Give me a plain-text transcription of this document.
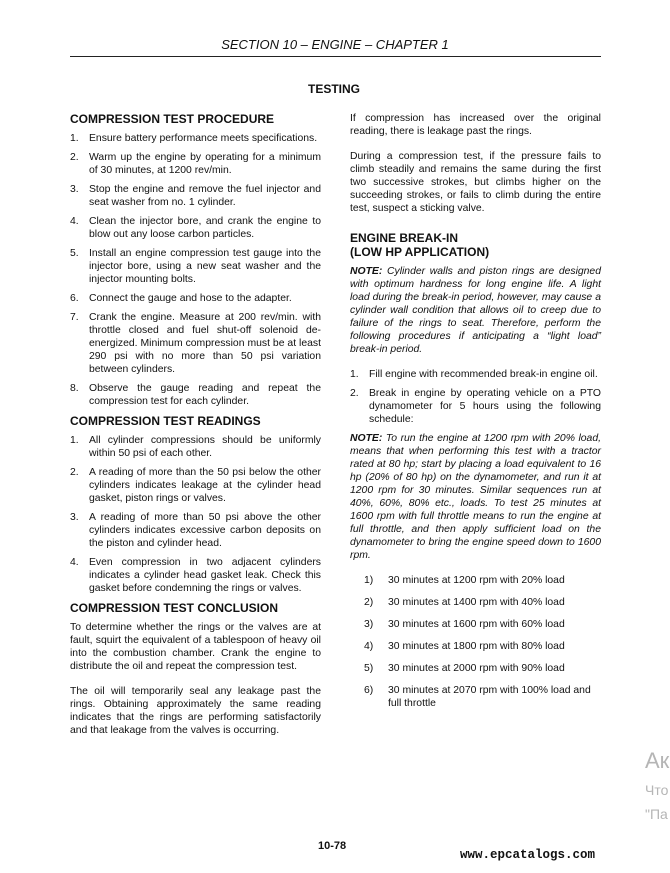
SECTION 10 – ENGINE – CHAPTER 1
TESTING
COMPRESSION TEST PROCEDURE
1. Ensure battery performance meets specifications.
2. Warm up the engine by operating for a minimum of 30 minutes, at 1200 rev/min.
3. Stop the engine and remove the fuel injector and seat washer from no. 1 cylinder.
4. Clean the injector bore, and crank the engine to blow out any loose carbon particles.
5. Install an engine compression test gauge into the injector bore, using a new seat washer and the injector mounting bolts.
6. Connect the gauge and hose to the adapter.
7. Crank the engine. Measure at 200 rev/min. with throttle closed and fuel shut-off solenoid de-energized. Minimum compression must be at least 290 psi with no more than 50 psi variation between cylinders.
8. Observe the gauge reading and repeat the compression test for each cylinder.
COMPRESSION TEST READINGS
1. All cylinder compressions should be uniformly within 50 psi of each other.
2. A reading of more than the 50 psi below the other cylinders indicates leakage at the cylinder head gasket, piston rings or valves.
3. A reading of more than 50 psi above the other cylinders indicates excessive carbon deposits on the piston and cylinder head.
4. Even compression in two adjacent cylinders indicates a cylinder head gasket leak. Check this gasket before condemning the rings or valves.
COMPRESSION TEST CONCLUSION

To determine whether the rings or the valves are at fault, squirt the equivalent of a tablespoon of heavy oil into the combustion chamber. Crank the engine to distribute the oil and repeat the compression test.

The oil will temporarily seal any leakage past the rings. Obtaining approximately the same reading indicates that the rings are performing satisfactorily and that leakage from the valves is occurring.

If compression has increased over the original reading, there is leakage past the rings.

During a compression test, if the pressure fails to climb steadily and remains the same during the first two successive strokes, but climbs higher on the succeeding strokes, or fails to climb during the entire test, suspect a sticking valve.

ENGINE BREAK-IN
(LOW HP APPLICATION)

NOTE: Cylinder walls and piston rings are designed with optimum hardness for long engine life. A light load during the break-in period, however, may cause a cylinder wall condition that allows oil to creep due to failure of the rings to seat. Therefore, perform the following procedures if anticipating a “light load” break-in period.

1. Fill engine with recommended break-in engine oil.
2. Break in engine by operating vehicle on a PTO dynamometer for 5 hours using the following schedule:

NOTE: To run the engine at 1200 rpm with 20% load, means that when performing this test with a tractor rated at 80 hp; start by placing a load equivalent to 16 hp (20% of 80 hp) on the dynamometer, and run it at 1200 rpm for 30 minutes. Similar sequences run at 40%, 60%, 80% etc., loads. To test 25 minutes at 1600 rpm with full throttle means to run the engine at full throttle, and then apply sufficient load on the dynamometer to bring the engine speed down to 1600 rpm.

1) 30 minutes at 1200 rpm with 20% load
2) 30 minutes at 1400 rpm with 40% load
3) 30 minutes at 1600 rpm with 60% load
4) 30 minutes at 1800 rpm with 80% load
5) 30 minutes at 2000 rpm with 90% load
6) 30 minutes at 2070 rpm with 100% load and full throttle
10-78
Ак
Что
"Па
www.epcatalogs.com
